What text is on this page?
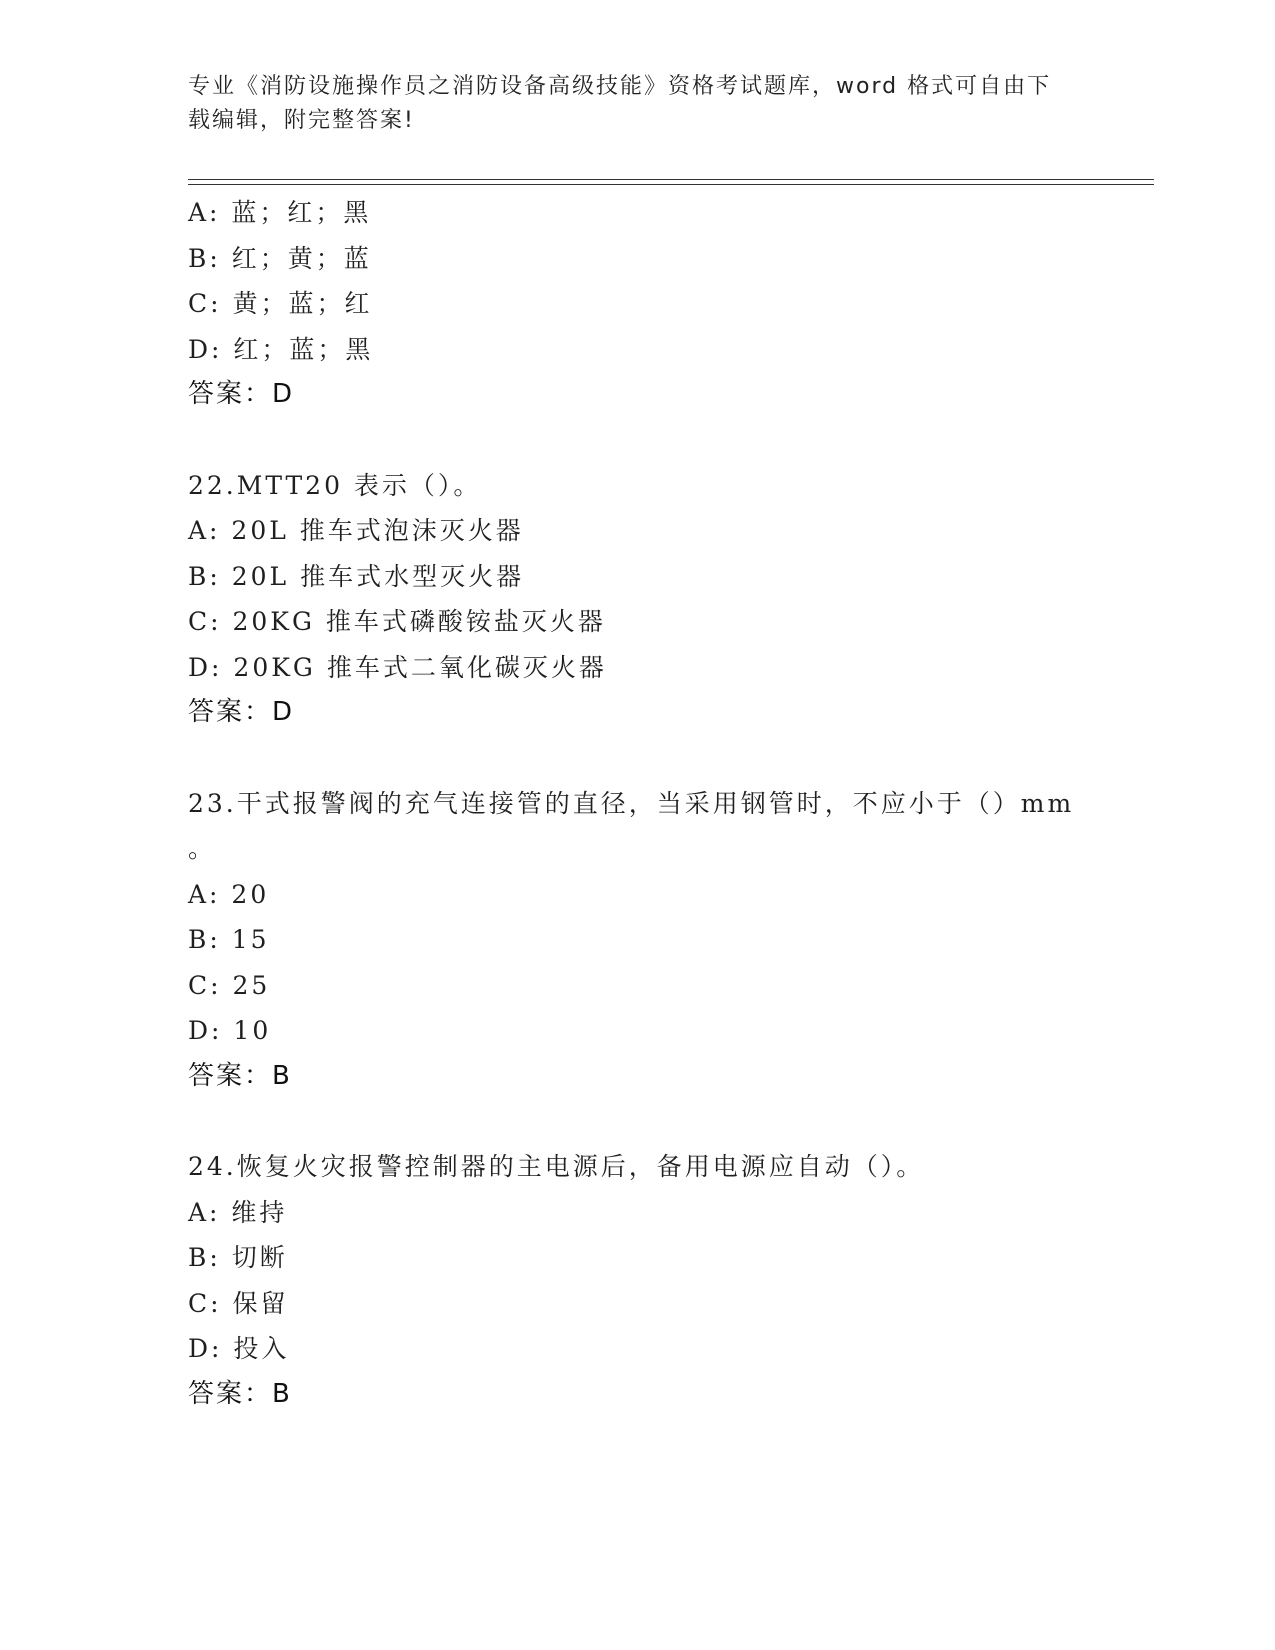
专业《消防设施操作员之消防设备高级技能》资格考试题库，word 格式可自由下
载编辑，附完整答案!
A: 蓝；红；黑
B: 红；黄；蓝
C: 黄；蓝；红
D: 红；蓝；黑
答案：D
22.MTT20 表示（）。
A: 20L 推车式泡沫灭火器
B: 20L 推车式水型灭火器
C: 20KG 推车式磷酸铵盐灭火器
D: 20KG 推车式二氧化碳灭火器
答案：D
23.干式报警阀的充气连接管的直径，当采用钢管时，不应小于（）mm
。
A: 20
B: 15
C: 25
D: 10
答案：B
24.恢复火灾报警控制器的主电源后，备用电源应自动（）。
A: 维持
B: 切断
C: 保留
D: 投入
答案：B
